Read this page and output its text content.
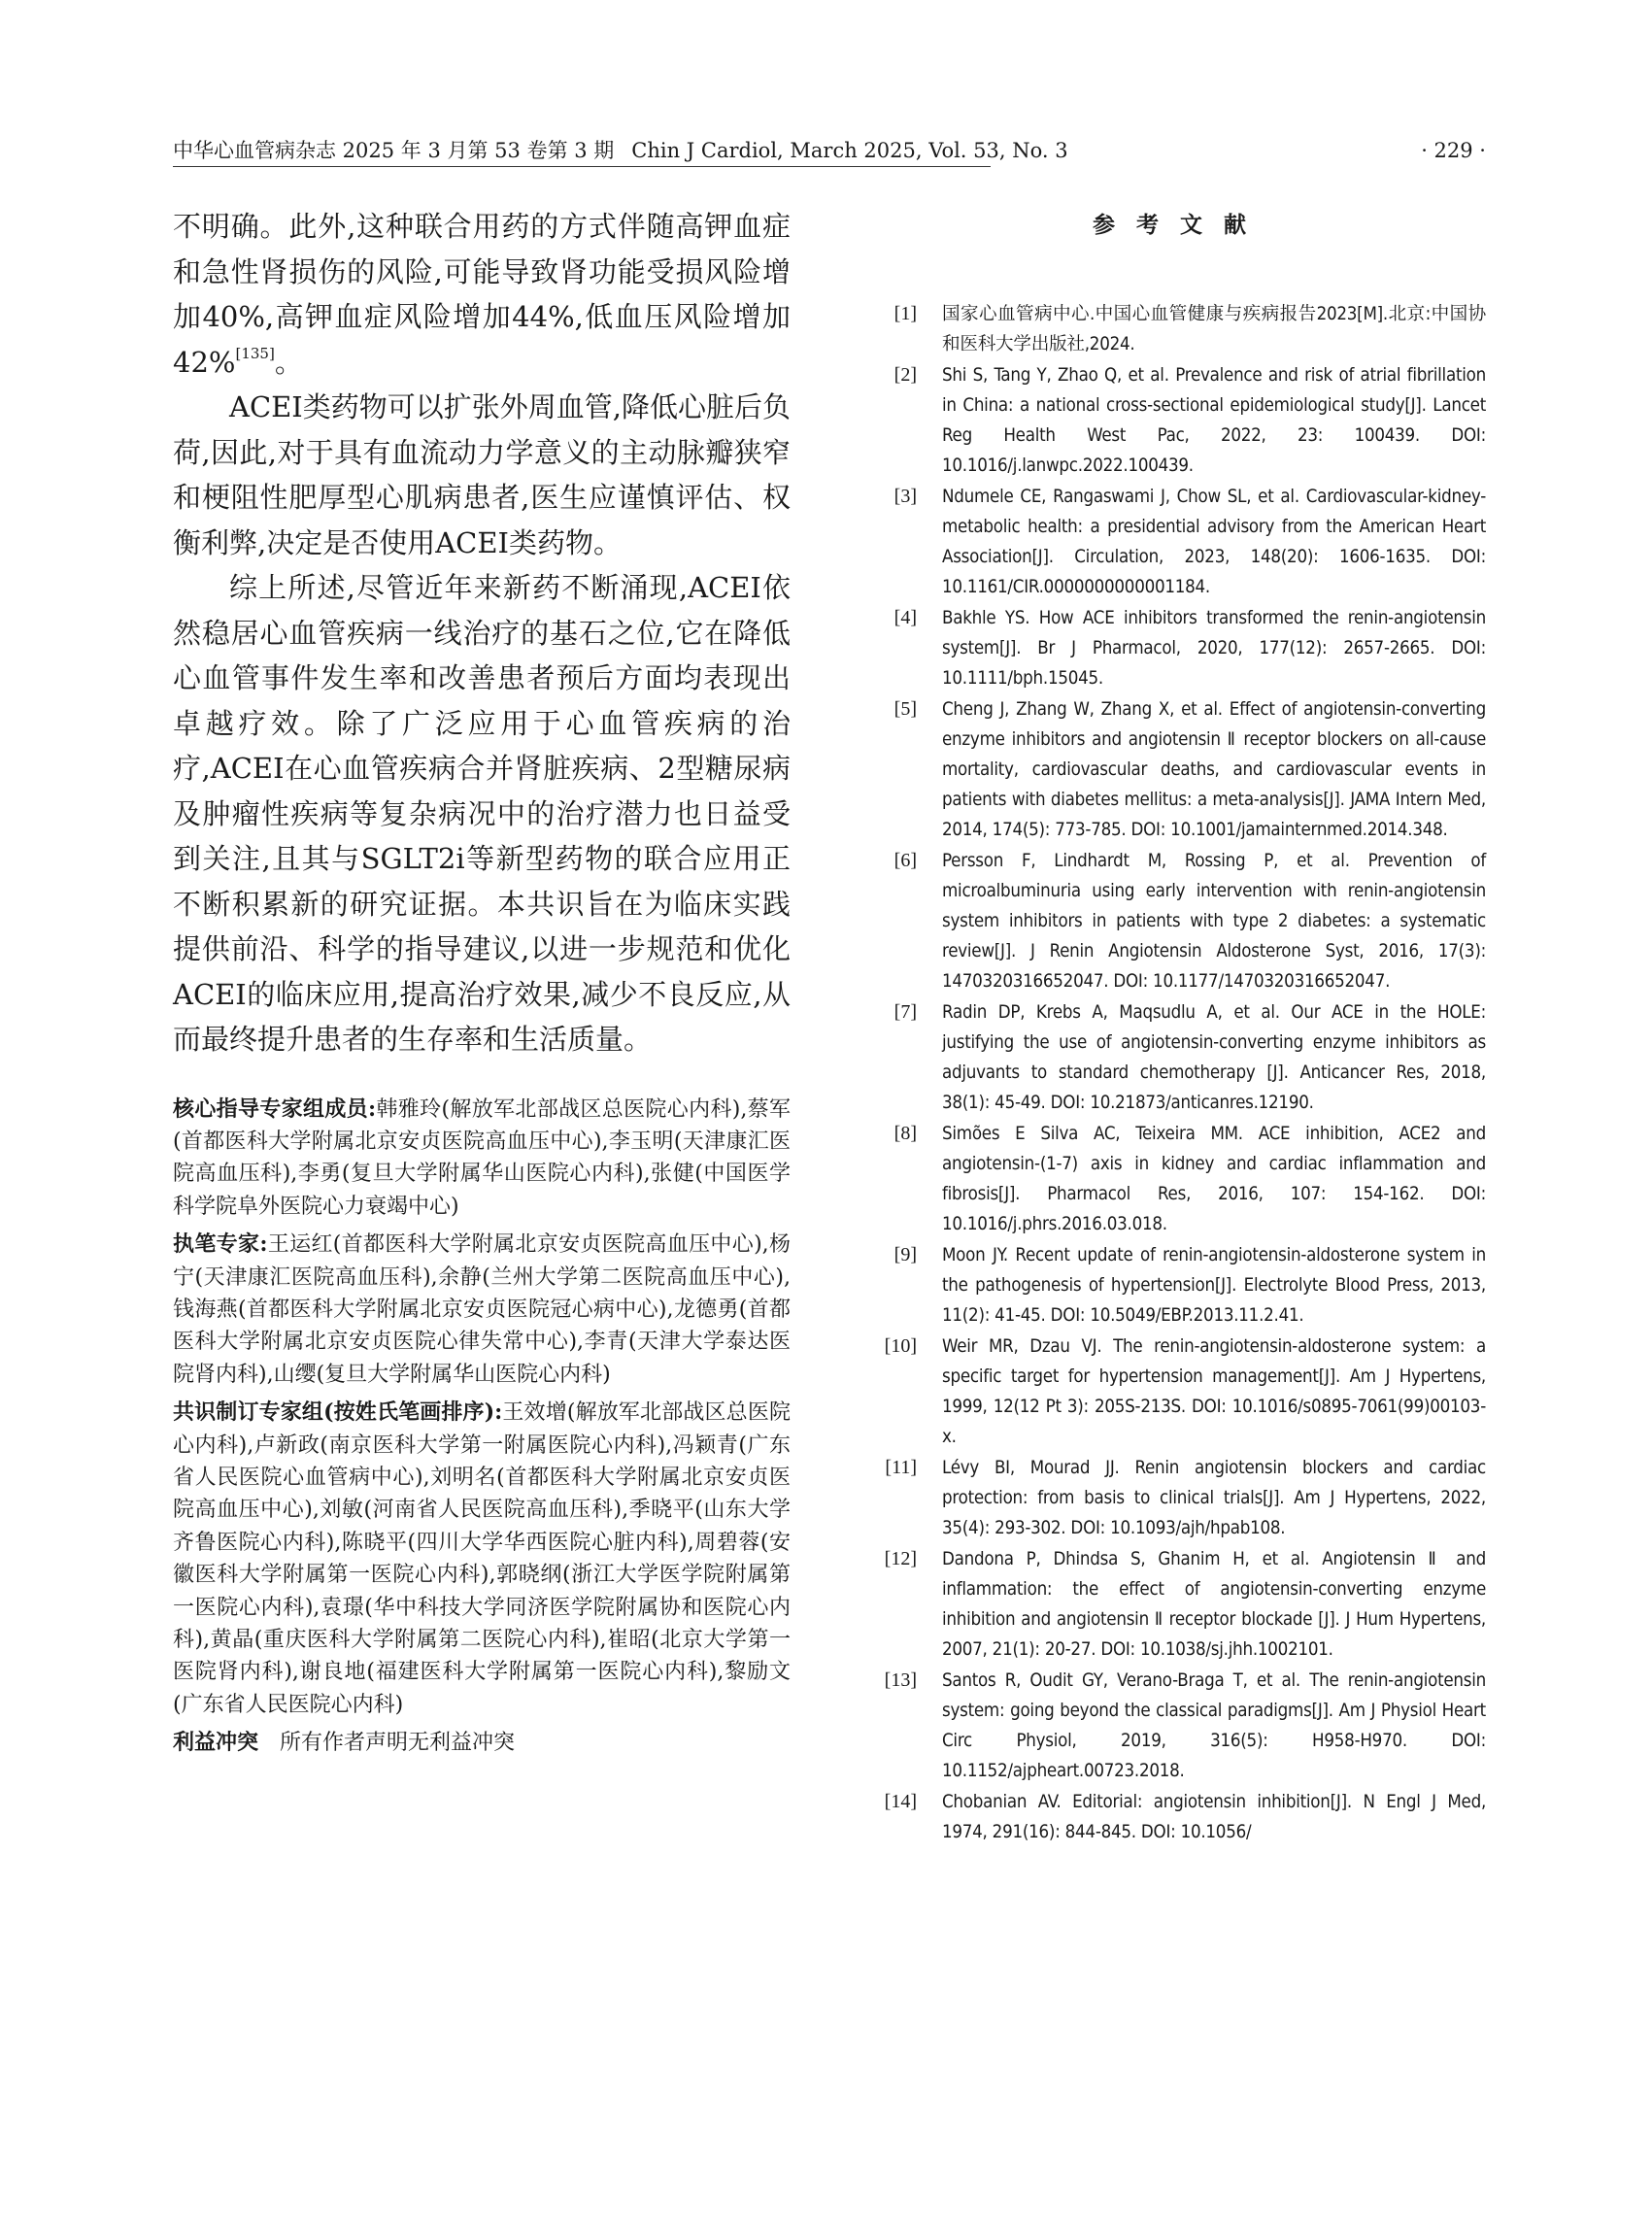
中华心血管病杂志 2025 年 3 月第 53 卷第 3 期 Chin J Cardiol, March 2025, Vol. 53, No. 3	· 229 ·

不明确。此外,这种联合用药的方式伴随高钾血症和急性肾损伤的风险,可能导致肾功能受损风险增加40%,高钾血症风险增加44%,低血压风险增加42%[135]。

ACEI类药物可以扩张外周血管,降低心脏后负荷,因此,对于具有血流动力学意义的主动脉瓣狭窄和梗阻性肥厚型心肌病患者,医生应谨慎评估、权衡利弊,决定是否使用ACEI类药物。

综上所述,尽管近年来新药不断涌现,ACEI依然稳居心血管疾病一线治疗的基石之位,它在降低心血管事件发生率和改善患者预后方面均表现出卓越疗效。除了广泛应用于心血管疾病的治疗,ACEI在心血管疾病合并肾脏疾病、2型糖尿病及肿瘤性疾病等复杂病况中的治疗潜力也日益受到关注,且其与SGLT2i等新型药物的联合应用正不断积累新的研究证据。本共识旨在为临床实践提供前沿、科学的指导建议,以进一步规范和优化ACEI的临床应用,提高治疗效果,减少不良反应,从而最终提升患者的生存率和生活质量。

核心指导专家组成员:韩雅玲(解放军北部战区总医院心内科),蔡军(首都医科大学附属北京安贞医院高血压中心),李玉明(天津康汇医院高血压科),李勇(复旦大学附属华山医院心内科),张健(中国医学科学院阜外医院心力衰竭中心)

执笔专家:王运红(首都医科大学附属北京安贞医院高血压中心),杨宁(天津康汇医院高血压科),余静(兰州大学第二医院高血压中心),钱海燕(首都医科大学附属北京安贞医院冠心病中心),龙德勇(首都医科大学附属北京安贞医院心律失常中心),李青(天津大学泰达医院肾内科),山缨(复旦大学附属华山医院心内科)

共识制订专家组(按姓氏笔画排序):王效增(解放军北部战区总医院心内科),卢新政(南京医科大学第一附属医院心内科),冯颖青(广东省人民医院心血管病中心),刘明名(首都医科大学附属北京安贞医院高血压中心),刘敏(河南省人民医院高血压科),季晓平(山东大学齐鲁医院心内科),陈晓平(四川大学华西医院心脏内科),周碧蓉(安徽医科大学附属第一医院心内科),郭晓纲(浙江大学医学院附属第一医院心内科),袁璟(华中科技大学同济医学院附属协和医院心内科),黄晶(重庆医科大学附属第二医院心内科),崔昭(北京大学第一医院肾内科),谢良地(福建医科大学附属第一医院心内科),黎励文(广东省人民医院心内科)

利益冲突 所有作者声明无利益冲突

参考文献
[1] 国家心血管病中心.中国心血管健康与疾病报告2023[M].北京:中国协和医科大学出版社,2024.
[2] Shi S, Tang Y, Zhao Q, et al. Prevalence and risk of atrial fibrillation in China: a national cross-sectional epidemiological study[J]. Lancet Reg Health West Pac, 2022, 23: 100439. DOI: 10.1016/j.lanwpc.2022.100439.
[3] Ndumele CE, Rangaswami J, Chow SL, et al. Cardiovascular-kidney-metabolic health: a presidential advisory from the American Heart Association[J]. Circulation, 2023, 148(20): 1606-1635. DOI: 10.1161/CIR.0000000000001184.
[4] Bakhle YS. How ACE inhibitors transformed the renin-angiotensin system[J]. Br J Pharmacol, 2020, 177(12): 2657-2665. DOI: 10.1111/bph.15045.
[5] Cheng J, Zhang W, Zhang X, et al. Effect of angiotensin-converting enzyme inhibitors and angiotensin Ⅱ receptor blockers on all-cause mortality, cardiovascular deaths, and cardiovascular events in patients with diabetes mellitus: a meta-analysis[J]. JAMA Intern Med, 2014, 174(5): 773-785. DOI: 10.1001/jamainternmed.2014.348.
[6] Persson F, Lindhardt M, Rossing P, et al. Prevention of microalbuminuria using early intervention with renin-angiotensin system inhibitors in patients with type 2 diabetes: a systematic review[J]. J Renin Angiotensin Aldosterone Syst, 2016, 17(3): 1470320316652047. DOI: 10.1177/1470320316652047.
[7] Radin DP, Krebs A, Maqsudlu A, et al. Our ACE in the HOLE: justifying the use of angiotensin-converting enzyme inhibitors as adjuvants to standard chemotherapy [J]. Anticancer Res, 2018, 38(1): 45-49. DOI: 10.21873/anticanres.12190.
[8] Simões E Silva AC, Teixeira MM. ACE inhibition, ACE2 and angiotensin-(1-7) axis in kidney and cardiac inflammation and fibrosis[J]. Pharmacol Res, 2016, 107: 154-162. DOI: 10.1016/j.phrs.2016.03.018.
[9] Moon JY. Recent update of renin-angiotensin-aldosterone system in the pathogenesis of hypertension[J]. Electrolyte Blood Press, 2013, 11(2): 41-45. DOI: 10.5049/EBP.2013.11.2.41.
[10] Weir MR, Dzau VJ. The renin-angiotensin-aldosterone system: a specific target for hypertension management[J]. Am J Hypertens, 1999, 12(12 Pt 3): 205S-213S. DOI: 10.1016/s0895-7061(99)00103-x.
[11] Lévy BI, Mourad JJ. Renin angiotensin blockers and cardiac protection: from basis to clinical trials[J]. Am J Hypertens, 2022, 35(4): 293-302. DOI: 10.1093/ajh/hpab108.
[12] Dandona P, Dhindsa S, Ghanim H, et al. Angiotensin Ⅱ and inflammation: the effect of angiotensin-converting enzyme inhibition and angiotensin Ⅱ receptor blockade [J]. J Hum Hypertens, 2007, 21(1): 20-27. DOI: 10.1038/sj.jhh.1002101.
[13] Santos R, Oudit GY, Verano-Braga T, et al. The renin-angiotensin system: going beyond the classical paradigms[J]. Am J Physiol Heart Circ Physiol, 2019, 316(5): H958-H970. DOI: 10.1152/ajpheart.00723.2018.
[14] Chobanian AV. Editorial: angiotensin inhibition[J]. N Engl J Med, 1974, 291(16): 844-845. DOI: 10.1056/
